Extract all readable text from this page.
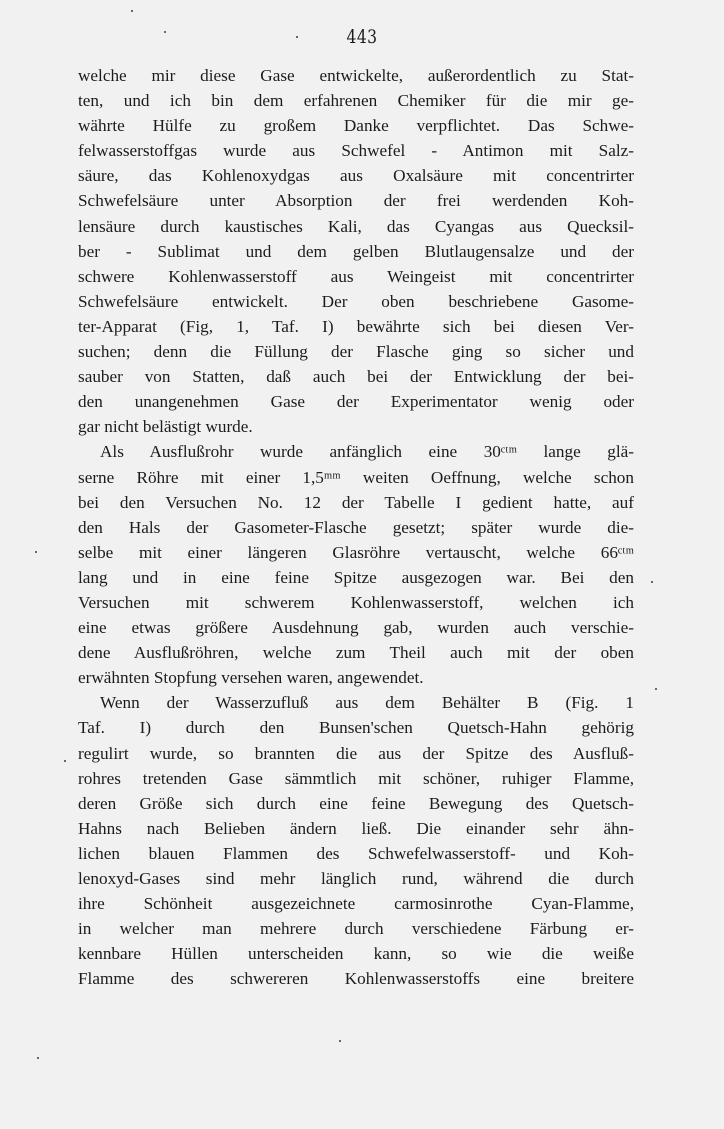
443
welche mir diese Gase entwickelte, außerordentlich zu Stat-
ten, und ich bin dem erfahrenen Chemiker für die mir ge-
währte Hülfe zu großem Danke verpflichtet. Das Schwe-
felwasserstoffgas wurde aus Schwefel - Antimon mit Salz-
säure, das Kohlenoxydgas aus Oxalsäure mit concentrirter
Schwefelsäure unter Absorption der frei werdenden Koh-
lensäure durch kaustisches Kali, das Cyangas aus Quecksil-
ber - Sublimat und dem gelben Blutlaugensalze und der
schwere Kohlenwasserstoff aus Weingeist mit concentrirter
Schwefelsäure entwickelt. Der oben beschriebene Gasome-
ter-Apparat (Fig, 1, Taf. I) bewährte sich bei diesen Ver-
suchen; denn die Füllung der Flasche ging so sicher und
sauber von Statten, daß auch bei der Entwicklung der bei-
den unangenehmen Gase der Experimentator wenig oder
gar nicht belästigt wurde.
Als Ausflußrohr wurde anfänglich eine 30ᶜᵗᵐ lange glä-
serne Röhre mit einer 1,5ᵐᵐ weiten Oeffnung, welche schon
bei den Versuchen No. 12 der Tabelle I gedient hatte, auf
den Hals der Gasometer-Flasche gesetzt; später wurde die-
selbe mit einer längeren Glasröhre vertauscht, welche 66ᶜᵗᵐ
lang und in eine feine Spitze ausgezogen war. Bei den
Versuchen mit schwerem Kohlenwasserstoff, welchen ich
eine etwas größere Ausdehnung gab, wurden auch verschie-
dene Ausflußröhren, welche zum Theil auch mit der oben
erwähnten Stopfung versehen waren, angewendet.
Wenn der Wasserzufluß aus dem Behälter B (Fig. 1
Taf. I) durch den Bunsen'schen Quetsch-Hahn gehörig
regulirt wurde, so brannten die aus der Spitze des Ausfluß-
rohres tretenden Gase sämmtlich mit schöner, ruhiger Flamme,
deren Größe sich durch eine feine Bewegung des Quetsch-
Hahns nach Belieben ändern ließ. Die einander sehr ähn-
lichen blauen Flammen des Schwefelwasserstoff- und Koh-
lenoxyd-Gases sind mehr länglich rund, während die durch
ihre Schönheit ausgezeichnete carmosinrothe Cyan-Flamme,
in welcher man mehrere durch verschiedene Färbung er-
kennbare Hüllen unterscheiden kann, so wie die weiße
Flamme des schwereren Kohlenwasserstoffs eine breitere
